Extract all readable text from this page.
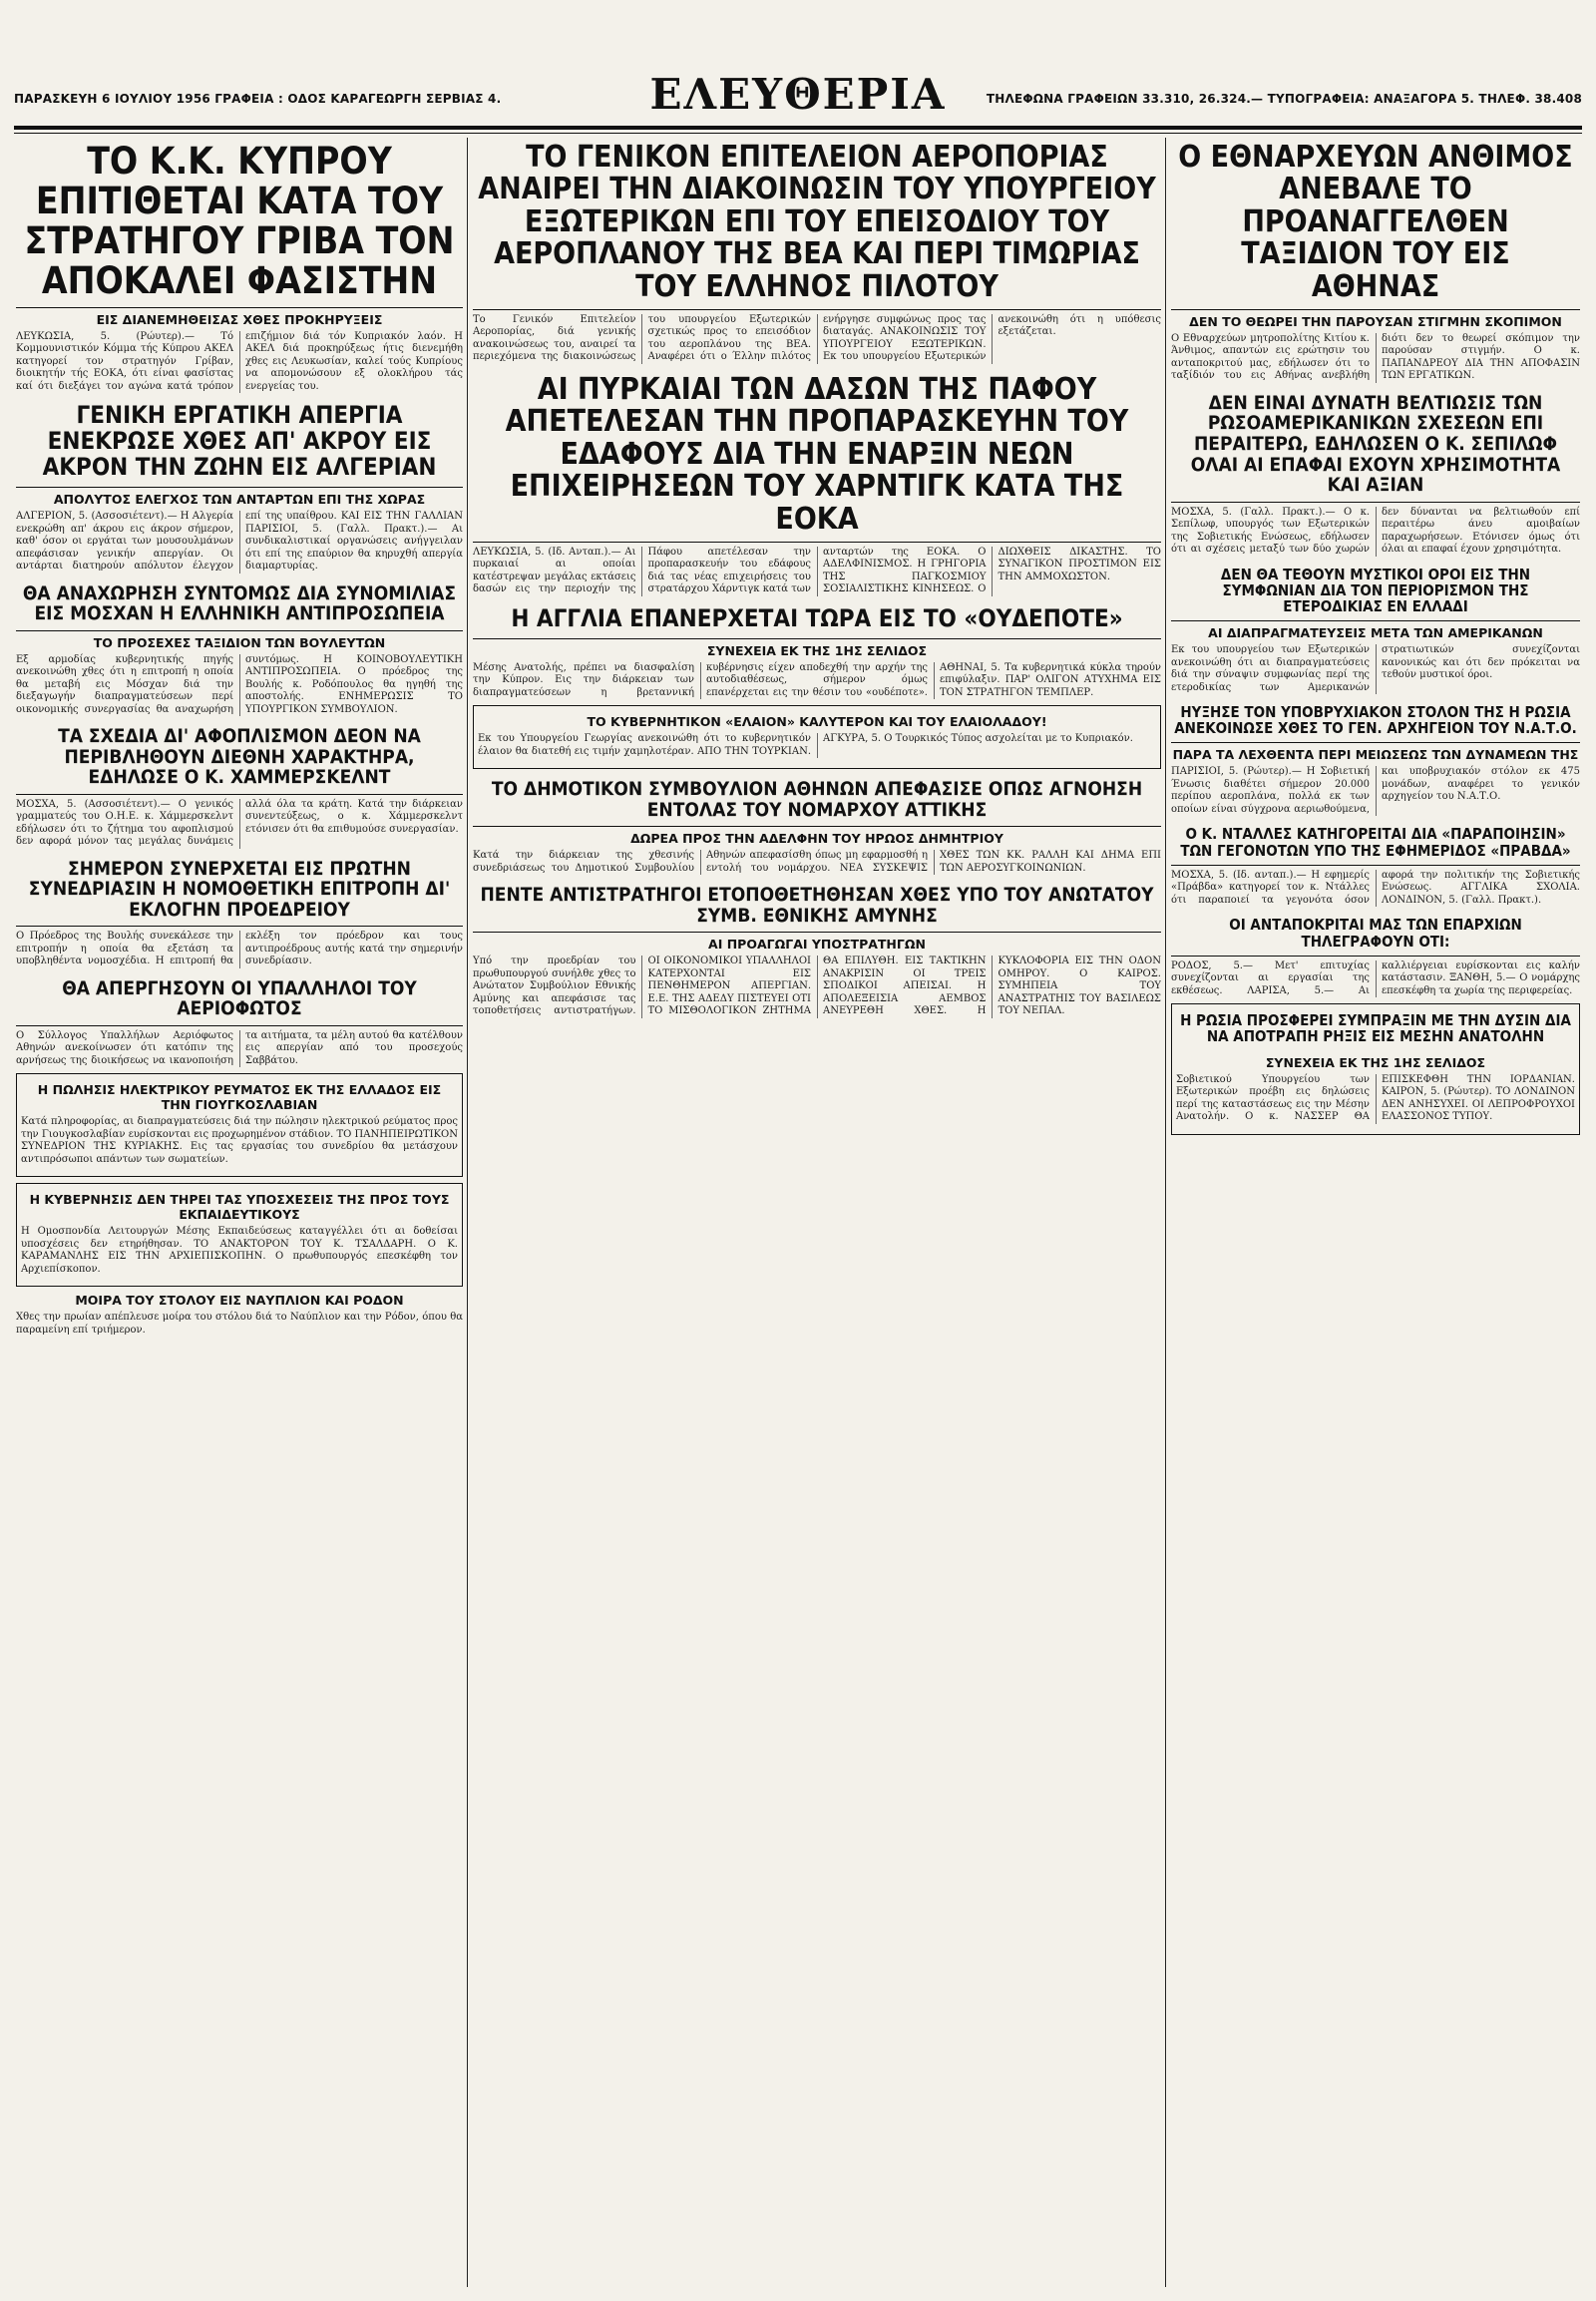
ΠΑΡΑΣΚΕΥΗ 6 ΙΟΥΛΙΟΥ 1956 ΓΡΑΦΕΙΑ : ΟΔΟΣ ΚΑΡΑΓΕΩΡΓΗ ΣΕΡΒΙΑΣ 4.	ΕΛΕΥΘΕΡΙΑ	ΤΗΛΕΦΩΝΑ ΓΡΑΦΕΙΩΝ 33.310, 26.324.— ΤΥΠΟΓΡΑΦΕΙΑ: ΑΝΑΞΑΓΟΡΑ 5. ΤΗΛΕΦ. 38.408
ΤΟ Κ.Κ. ΚΥΠΡΟΥ ΕΠΙΤΙΘΕΤΑΙ ΚΑΤΑ ΤΟΥ ΣΤΡΑΤΗΓΟΥ ΓΡΙΒΑ ΤΟΝ ΑΠΟΚΑΛΕΙ ΦΑΣΙΣΤΗΝ
ΕΙΣ ΔΙΑΝΕΜΗΘΕΙΣΑΣ ΧΘΕΣ ΠΡΟΚΗΡΥΞΕΙΣ
ΛΕΥΚΩΣΙΑ, 5. (Ρώυτερ).— Τό Κομμουνιστικόν Κόμμα τής Κύπρου ΑΚΕΛ κατηγορεί τον στρατηγόν Γρίβαν, διοικητήν τής ΕΟΚΑ, ότι είναι φασίστας καί ότι διεξάγει τον αγώνα κατά τρόπον επιζήμιον διά τόν Κυπριακόν λαόν. Η ΑΚΕΛ διά προκηρύξεως ήτις διενεμήθη χθες εις Λευκωσίαν, καλεί τούς Κυπρίους να απομονώσουν εξ ολοκλήρου τάς ενεργείας του.
ΓΕΝΙΚΗ ΕΡΓΑΤΙΚΗ ΑΠΕΡΓΙΑ ΕΝΕΚΡΩΣΕ ΧΘΕΣ ΑΠ' ΑΚΡΟΥ ΕΙΣ ΑΚΡΟΝ ΤΗΝ ΖΩΗΝ ΕΙΣ ΑΛΓΕΡΙΑΝ
ΑΠΟΛΥΤΟΣ ΕΛΕΓΧΟΣ ΤΩΝ ΑΝΤΑΡΤΩΝ ΕΠΙ ΤΗΣ ΧΩΡΑΣ
ΑΛΓΕΡΙΟΝ, 5. (Ασσοσιέτεντ).— Η Αλγερία ενεκρώθη απ' άκρου εις άκρον σήμερον, καθ' όσον οι εργάται των μουσουλμάνων απεφάσισαν γενικήν απεργίαν. Οι αντάρται διατηρούν απόλυτον έλεγχον επί της υπαίθρου. ΚΑΙ ΕΙΣ ΤΗΝ ΓΑΛΛΙΑΝ ΠΑΡΙΣΙΟΙ, 5. (Γαλλ. Πρακτ.).— Αι συνδικαλιστικαί οργανώσεις ανήγγειλαν ότι επί της επαύριον θα κηρυχθή απεργία διαμαρτυρίας.
ΘΑ ΑΝΑΧΩΡΗΣΗ ΣΥΝΤΟΜΩΣ ΔΙΑ ΣΥΝΟΜΙΛΙΑΣ ΕΙΣ ΜΟΣΧΑΝ Η ΕΛΛΗΝΙΚΗ ΑΝΤΙΠΡΟΣΩΠΕΙΑ
ΤΟ ΠΡΟΣΕΧΕΣ ΤΑΞΙΔΙΟΝ ΤΩΝ ΒΟΥΛΕΥΤΩΝ
Εξ αρμοδίας κυβερνητικής πηγής ανεκοινώθη χθες ότι η επιτροπή η οποία θα μεταβή εις Μόσχαν διά την διεξαγωγήν διαπραγματεύσεων περί οικονομικής συνεργασίας θα αναχωρήση συντόμως. Η ΚΟΙΝΟΒΟΥΛΕΥΤΙΚΗ ΑΝΤΙΠΡΟΣΩΠΕΙΑ. Ο πρόεδρος της Βουλής κ. Ροδόπουλος θα ηγηθή της αποστολής. ΕΝΗΜΕΡΩΣΙΣ ΤΟ ΥΠΟΥΡΓΙΚΟΝ ΣΥΜΒΟΥΛΙΟΝ.
ΤΑ ΣΧΕΔΙΑ ΔΙ' ΑΦΟΠΛΙΣΜΟΝ ΔΕΟΝ ΝΑ ΠΕΡΙΒΛΗΘΟΥΝ ΔΙΕΘΝΗ ΧΑΡΑΚΤΗΡΑ, ΕΔΗΛΩΣΕ Ο Κ. ΧΑΜΜΕΡΣΚΕΛΝΤ
ΜΟΣΧΑ, 5. (Ασσοσιέτεντ).— Ο γενικός γραμματεύς του Ο.Η.Ε. κ. Χάμμερσκελντ εδήλωσεν ότι το ζήτημα του αφοπλισμού δεν αφορά μόνον τας μεγάλας δυνάμεις αλλά όλα τα κράτη. Κατά την διάρκειαν συνεντεύξεως, ο κ. Χάμμερσκελντ ετόνισεν ότι θα επιθυμούσε συνεργασίαν.
ΣΗΜΕΡΟΝ ΣΥΝΕΡΧΕΤΑΙ ΕΙΣ ΠΡΩΤΗΝ ΣΥΝΕΔΡΙΑΣΙΝ Η ΝΟΜΟΘΕΤΙΚΗ ΕΠΙΤΡΟΠΗ ΔΙ' ΕΚΛΟΓΗΝ ΠΡΟΕΔΡΕΙΟΥ
Ο Πρόεδρος της Βουλής συνεκάλεσε την επιτροπήν η οποία θα εξετάση τα υποβληθέντα νομοσχέδια. Η επιτροπή θα εκλέξη τον πρόεδρον και τους αντιπροέδρους αυτής κατά την σημερινήν συνεδρίασιν.
ΘΑ ΑΠΕΡΓΗΣΟΥΝ ΟΙ ΥΠΑΛΛΗΛΟΙ ΤΟΥ ΑΕΡΙΟΦΩΤΟΣ
Ο Σύλλογος Υπαλλήλων Αεριόφωτος Αθηνών ανεκοίνωσεν ότι κατόπιν της αρνήσεως της διοικήσεως να ικανοποιήση τα αιτήματα, τα μέλη αυτού θα κατέλθουν εις απεργίαν από του προσεχούς Σαββάτου.
Η ΠΩΛΗΣΙΣ ΗΛΕΚΤΡΙΚΟΥ ΡΕΥΜΑΤΟΣ ΕΚ ΤΗΣ ΕΛΛΑΔΟΣ ΕΙΣ ΤΗΝ ΓΙΟΥΓΚΟΣΛΑΒΙΑΝ
Κατά πληροφορίας, αι διαπραγματεύσεις διά την πώλησιν ηλεκτρικού ρεύματος προς την Γιουγκοσλαβίαν ευρίσκονται εις προχωρημένον στάδιον. ΤΟ ΠΑΝΗΠΕΙΡΩΤΙΚΟΝ ΣΥΝΕΔΡΙΟΝ ΤΗΣ ΚΥΡΙΑΚΗΣ. Εις τας εργασίας του συνεδρίου θα μετάσχουν αντιπρόσωποι απάντων των σωματείων.
Η ΚΥΒΕΡΝΗΣΙΣ ΔΕΝ ΤΗΡΕΙ ΤΑΣ ΥΠΟΣΧΕΣΕΙΣ ΤΗΣ ΠΡΟΣ ΤΟΥΣ ΕΚΠΑΙΔΕΥΤΙΚΟΥΣ
Η Ομοσπονδία Λειτουργών Μέσης Εκπαιδεύσεως καταγγέλλει ότι αι δοθείσαι υποσχέσεις δεν ετηρήθησαν. ΤΟ ΑΝΑΚΤΟΡΟΝ ΤΟΥ Κ. ΤΣΑΛΔΑΡΗ. Ο Κ. ΚΑΡΑΜΑΝΛΗΣ ΕΙΣ ΤΗΝ ΑΡΧΙΕΠΙΣΚΟΠΗΝ. Ο πρωθυπουργός επεσκέφθη τον Αρχιεπίσκοπον.
ΜΟΙΡΑ ΤΟΥ ΣΤΟΛΟΥ ΕΙΣ ΝΑΥΠΛΙΟΝ ΚΑΙ ΡΟΔΟΝ
Χθες την πρωίαν απέπλευσε μοίρα του στόλου διά το Ναύπλιον και την Ρόδον, όπου θα παραμείνη επί τριήμερον.
ΤΟ ΓΕΝΙΚΟΝ ΕΠΙΤΕΛΕΙΟΝ ΑΕΡΟΠΟΡΙΑΣ ΑΝΑΙΡΕΙ ΤΗΝ ΔΙΑΚΟΙΝΩΣΙΝ ΤΟΥ ΥΠΟΥΡΓΕΙΟΥ ΕΞΩΤΕΡΙΚΩΝ ΕΠΙ ΤΟΥ ΕΠΕΙΣΟΔΙΟΥ ΤΟΥ ΑΕΡΟΠΛΑΝΟΥ ΤΗΣ ΒΕΑ ΚΑΙ ΠΕΡΙ ΤΙΜΩΡΙΑΣ ΤΟΥ ΕΛΛΗΝΟΣ ΠΙΛΟΤΟΥ
Το Γενικόν Επιτελείον Αεροπορίας, διά γενικής ανακοινώσεως του, αναιρεί τα περιεχόμενα της διακοινώσεως του υπουργείου Εξωτερικών σχετικώς προς το επεισόδιον του αεροπλάνου της ΒΕΑ. Αναφέρει ότι ο Έλλην πιλότος ενήργησε συμφώνως προς τας διαταγάς. ΑΝΑΚΟΙΝΩΣΙΣ ΤΟΥ ΥΠΟΥΡΓΕΙΟΥ ΕΞΩΤΕΡΙΚΩΝ. Εκ του υπουργείου Εξωτερικών ανεκοινώθη ότι η υπόθεσις εξετάζεται.
ΑΙ ΠΥΡΚΑΙΑΙ ΤΩΝ ΔΑΣΩΝ ΤΗΣ ΠΑΦΟΥ ΑΠΕΤΕΛΕΣΑΝ ΤΗΝ ΠΡΟΠΑΡΑΣΚΕΥΗΝ ΤΟΥ ΕΔΑΦΟΥΣ ΔΙΑ ΤΗΝ ΕΝΑΡΞΙΝ ΝΕΩΝ ΕΠΙΧΕΙΡΗΣΕΩΝ ΤΟΥ ΧΑΡΝΤΙΓΚ ΚΑΤΑ ΤΗΣ ΕΟΚΑ
ΛΕΥΚΩΣΙΑ, 5. (Ιδ. Ανταπ.).— Αι πυρκαιαί αι οποίαι κατέστρεψαν μεγάλας εκτάσεις δασών εις την περιοχήν της Πάφου απετέλεσαν την προπαρασκευήν του εδάφους διά τας νέας επιχειρήσεις του στρατάρχου Χάρντιγκ κατά των ανταρτών της ΕΟΚΑ. Ο ΑΔΕΛΦΙΝΙΣΜΟΣ. Η ΓΡΗΓΟΡΙΑ ΤΗΣ ΠΑΓΚΟΣΜΙΟΥ ΣΟΣΙΑΛΙΣΤΙΚΗΣ ΚΙΝΗΣΕΩΣ. Ο ΔΙΩΧΘΕΙΣ ΔΙΚΑΣΤΗΣ. ΤΟ ΣΥΝΑΓΙΚΟΝ ΠΡΟΣΤΙΜΟΝ ΕΙΣ ΤΗΝ ΑΜΜΟΧΩΣΤΟΝ.
Η ΑΓΓΛΙΑ ΕΠΑΝΕΡΧΕΤΑΙ ΤΩΡΑ ΕΙΣ ΤΟ «ΟΥΔΕΠΟΤΕ»
ΣΥΝΕΧΕΙΑ ΕΚ ΤΗΣ 1ΗΣ ΣΕΛΙΔΟΣ
Μέσης Ανατολής, πρέπει να διασφαλίση την Κύπρον. Εις την διάρκειαν των διαπραγματεύσεων η βρεταννική κυβέρνησις είχεν αποδεχθή την αρχήν της αυτοδιαθέσεως, σήμερον όμως επανέρχεται εις την θέσιν του «ουδέποτε». ΑΘΗΝΑΙ, 5. Τα κυβερνητικά κύκλα τηρούν επιφύλαξιν. ΠΑΡ' ΟΛΙΓΟΝ ΑΤΥΧΗΜΑ ΕΙΣ ΤΟΝ ΣΤΡΑΤΗΓΟΝ ΤΕΜΠΛΕΡ.
ΤΟ ΚΥΒΕΡΝΗΤΙΚΟΝ «ΕΛΑΙΟΝ» ΚΑΛΥΤΕΡΟΝ ΚΑΙ ΤΟΥ ΕΛΑΙΟΛΑΔΟΥ!
Εκ του Υπουργείου Γεωργίας ανεκοινώθη ότι το κυβερνητικόν έλαιον θα διατεθή εις τιμήν χαμηλοτέραν. ΑΠΟ ΤΗΝ ΤΟΥΡΚΙΑΝ. ΑΓΚΥΡΑ, 5. Ο Τουρκικός Τύπος ασχολείται με το Κυπριακόν.
ΤΟ ΔΗΜΟΤΙΚΟΝ ΣΥΜΒΟΥΛΙΟΝ ΑΘΗΝΩΝ ΑΠΕΦΑΣΙΣΕ ΟΠΩΣ ΑΓΝΟΗΣΗ ΕΝΤΟΛΑΣ ΤΟΥ ΝΟΜΑΡΧΟΥ ΑΤΤΙΚΗΣ
ΔΩΡΕΑ ΠΡΟΣ ΤΗΝ ΑΔΕΛΦΗΝ ΤΟΥ ΗΡΩΟΣ ΔΗΜΗΤΡΙΟΥ
Κατά την διάρκειαν της χθεσινής συνεδριάσεως του Δημοτικού Συμβουλίου Αθηνών απεφασίσθη όπως μη εφαρμοσθή η εντολή του νομάρχου. ΝΕΑ ΣΥΣΚΕΨΙΣ ΧΘΕΣ ΤΩΝ ΚΚ. ΡΑΛΛΗ ΚΑΙ ΔΗΜΑ ΕΠΙ ΤΩΝ ΑΕΡΟΣΥΓΚΟΙΝΩΝΙΩΝ.
ΠΕΝΤΕ ΑΝΤΙΣΤΡΑΤΗΓΟΙ ΕΤΟΠΟΘΕΤΗΘΗΣΑΝ ΧΘΕΣ ΥΠΟ ΤΟΥ ΑΝΩΤΑΤΟΥ ΣΥΜΒ. ΕΘΝΙΚΗΣ ΑΜΥΝΗΣ
ΑΙ ΠΡΟΑΓΩΓΑΙ ΥΠΟΣΤΡΑΤΗΓΩΝ
Υπό την προεδρίαν του πρωθυπουργού συνήλθε χθες το Ανώτατον Συμβούλιον Εθνικής Αμύνης και απεφάσισε τας τοποθετήσεις αντιστρατήγων. ΟΙ ΟΙΚΟΝΟΜΙΚΟΙ ΥΠΑΛΛΗΛΟΙ ΚΑΤΕΡΧΟΝΤΑΙ ΕΙΣ ΠΕΝΘΗΜΕΡΟΝ ΑΠΕΡΓΙΑΝ. Ε.Ε. ΤΗΣ ΑΔΕΔΥ ΠΙΣΤΕΥΕΙ ΟΤΙ ΤΟ ΜΙΣΘΟΛΟΓΙΚΟΝ ΖΗΤΗΜΑ ΘΑ ΕΠΙΛΥΘΗ. ΕΙΣ ΤΑΚΤΙΚΗΝ ΑΝΑΚΡΙΣΙΝ ΟΙ ΤΡΕΙΣ ΣΠΟΔΙΚΟΙ ΑΠΕΙΣΑΙ. Η ΑΠΟΛΕΞΕΙΣΙΑ ΑΕΜΒΟΣ ΑΝΕΥΡΕΘΗ ΧΘΕΣ. Η ΚΥΚΛΟΦΟΡΙΑ ΕΙΣ ΤΗΝ ΟΔΟΝ ΟΜΗΡΟΥ. Ο ΚΑΙΡΟΣ. ΣΥΜΗΠΕΙΑ ΤΟΥ ΑΝΑΣΤΡΑΤΗΙΣ ΤΟΥ ΒΑΣΙΛΕΩΣ ΤΟΥ ΝΕΠΑΛ.
Ο ΕΘΝΑΡΧΕΥΩΝ ΑΝΘΙΜΟΣ ΑΝΕΒΑΛΕ ΤΟ ΠΡΟΑΝΑΓΓΕΛΘΕΝ ΤΑΞΙΔΙΟΝ ΤΟΥ ΕΙΣ ΑΘΗΝΑΣ
ΔΕΝ ΤΟ ΘΕΩΡΕΙ ΤΗΝ ΠΑΡΟΥΣΑΝ ΣΤΙΓΜΗΝ ΣΚΟΠΙΜΟΝ
Ο Εθναρχεύων μητροπολίτης Κιτίου κ. Άνθιμος, απαντών εις ερώτησιν του ανταποκριτού μας, εδήλωσεν ότι το ταξίδιόν του εις Αθήνας ανεβλήθη διότι δεν το θεωρεί σκόπιμον την παρούσαν στιγμήν. Ο κ. ΠΑΠΑΝΔΡΕΟΥ ΔΙΑ ΤΗΝ ΑΠΟΦΑΣΙΝ ΤΩΝ ΕΡΓΑΤΙΚΩΝ.
ΔΕΝ ΕΙΝΑΙ ΔΥΝΑΤΗ ΒΕΛΤΙΩΣΙΣ ΤΩΝ ΡΩΣΟΑΜΕΡΙΚΑΝΙΚΩΝ ΣΧΕΣΕΩΝ ΕΠΙ ΠΕΡΑΙΤΕΡΩ, ΕΔΗΛΩΣΕΝ Ο Κ. ΣΕΠΙΛΩΦ ΟΛΑΙ ΑΙ ΕΠΑΦΑΙ ΕΧΟΥΝ ΧΡΗΣΙΜΟΤΗΤΑ ΚΑΙ ΑΞΙΑΝ
ΜΟΣΧΑ, 5. (Γαλλ. Πρακτ.).— Ο κ. Σεπίλωφ, υπουργός των Εξωτερικών της Σοβιετικής Ενώσεως, εδήλωσεν ότι αι σχέσεις μεταξύ των δύο χωρών δεν δύνανται να βελτιωθούν επί περαιτέρω άνευ αμοιβαίων παραχωρήσεων. Ετόνισεν όμως ότι όλαι αι επαφαί έχουν χρησιμότητα.
ΔΕΝ ΘΑ ΤΕΘΟΥΝ ΜΥΣΤΙΚΟΙ ΟΡΟΙ ΕΙΣ ΤΗΝ ΣΥΜΦΩΝΙΑΝ ΔΙΑ ΤΟΝ ΠΕΡΙΟΡΙΣΜΟΝ ΤΗΣ ΕΤΕΡΟΔΙΚΙΑΣ ΕΝ ΕΛΛΑΔΙ
ΑΙ ΔΙΑΠΡΑΓΜΑΤΕΥΣΕΙΣ ΜΕΤΑ ΤΩΝ ΑΜΕΡΙΚΑΝΩΝ
Εκ του υπουργείου των Εξωτερικών ανεκοινώθη ότι αι διαπραγματεύσεις διά την σύναψιν συμφωνίας περί της ετεροδικίας των Αμερικανών στρατιωτικών συνεχίζονται κανονικώς και ότι δεν πρόκειται να τεθούν μυστικοί όροι.
ΗΥΞΗΣΕ ΤΟΝ ΥΠΟΒΡΥΧΙΑΚΟΝ ΣΤΟΛΟΝ ΤΗΣ Η ΡΩΣΙΑ ΑΝΕΚΟΙΝΩΣΕ ΧΘΕΣ ΤΟ ΓΕΝ. ΑΡΧΗΓΕΙΟΝ ΤΟΥ Ν.Α.Τ.Ο.
ΠΑΡΑ ΤΑ ΛΕΧΘΕΝΤΑ ΠΕΡΙ ΜΕΙΩΣΕΩΣ ΤΩΝ ΔΥΝΑΜΕΩΝ ΤΗΣ
ΠΑΡΙΣΙΟΙ, 5. (Ρώυτερ).— Η Σοβιετική Ένωσις διαθέτει σήμερον 20.000 περίπου αεροπλάνα, πολλά εκ των οποίων είναι σύγχρονα αεριωθούμενα, και υποβρυχιακόν στόλον εκ 475 μονάδων, αναφέρει το γενικόν αρχηγείον του Ν.Α.Τ.Ο.
Ο Κ. ΝΤΑΛΛΕΣ ΚΑΤΗΓΟΡΕΙΤΑΙ ΔΙΑ «ΠΑΡΑΠΟΙΗΣΙΝ» ΤΩΝ ΓΕΓΟΝΟΤΩΝ ΥΠΟ ΤΗΣ ΕΦΗΜΕΡΙΔΟΣ «ΠΡΑΒΔΑ»
ΜΟΣΧΑ, 5. (Ιδ. ανταπ.).— Η εφημερίς «Πράβδα» κατηγορεί τον κ. Ντάλλες ότι παραποιεί τα γεγονότα όσον αφορά την πολιτικήν της Σοβιετικής Ενώσεως. ΑΓΓΛΙΚΑ ΣΧΟΛΙΑ. ΛΟΝΔΙΝΟΝ, 5. (Γαλλ. Πρακτ.).
ΟΙ ΑΝΤΑΠΟΚΡΙΤΑΙ ΜΑΣ ΤΩΝ ΕΠΑΡΧΙΩΝ ΤΗΛΕΓΡΑΦΟΥΝ ΟΤΙ:
ΡΟΔΟΣ, 5.— Μετ' επιτυχίας συνεχίζονται αι εργασίαι της εκθέσεως. ΛΑΡΙΣΑ, 5.— Αι καλλιέργειαι ευρίσκονται εις καλήν κατάστασιν. ΞΑΝΘΗ, 5.— Ο νομάρχης επεσκέφθη τα χωρία της περιφερείας.
Η ΡΩΣΙΑ ΠΡΟΣΦΕΡΕΙ ΣΥΜΠΡΑΞΙΝ ΜΕ ΤΗΝ ΔΥΣΙΝ ΔΙΑ ΝΑ ΑΠΟΤΡΑΠΗ ΡΗΞΙΣ ΕΙΣ ΜΕΣΗΝ ΑΝΑΤΟΛΗΝ
ΣΥΝΕΧΕΙΑ ΕΚ ΤΗΣ 1ΗΣ ΣΕΛΙΔΟΣ
Σοβιετικού Υπουργείου των Εξωτερικών προέβη εις δηλώσεις περί της καταστάσεως εις την Μέσην Ανατολήν. Ο κ. ΝΑΣΣΕΡ ΘΑ ΕΠΙΣΚΕΦΘΗ ΤΗΝ ΙΟΡΔΑΝΙΑΝ. ΚΑΙΡΟΝ, 5. (Ρώυτερ). ΤΟ ΛΟΝΔΙΝΟΝ ΔΕΝ ΑΝΗΣΥΧΕΙ. ΟΙ ΛΕΠΡΟΦΡΟΥΧΟΙ ΕΛΑΣΣΟΝΟΣ ΤΥΠΟΥ.
